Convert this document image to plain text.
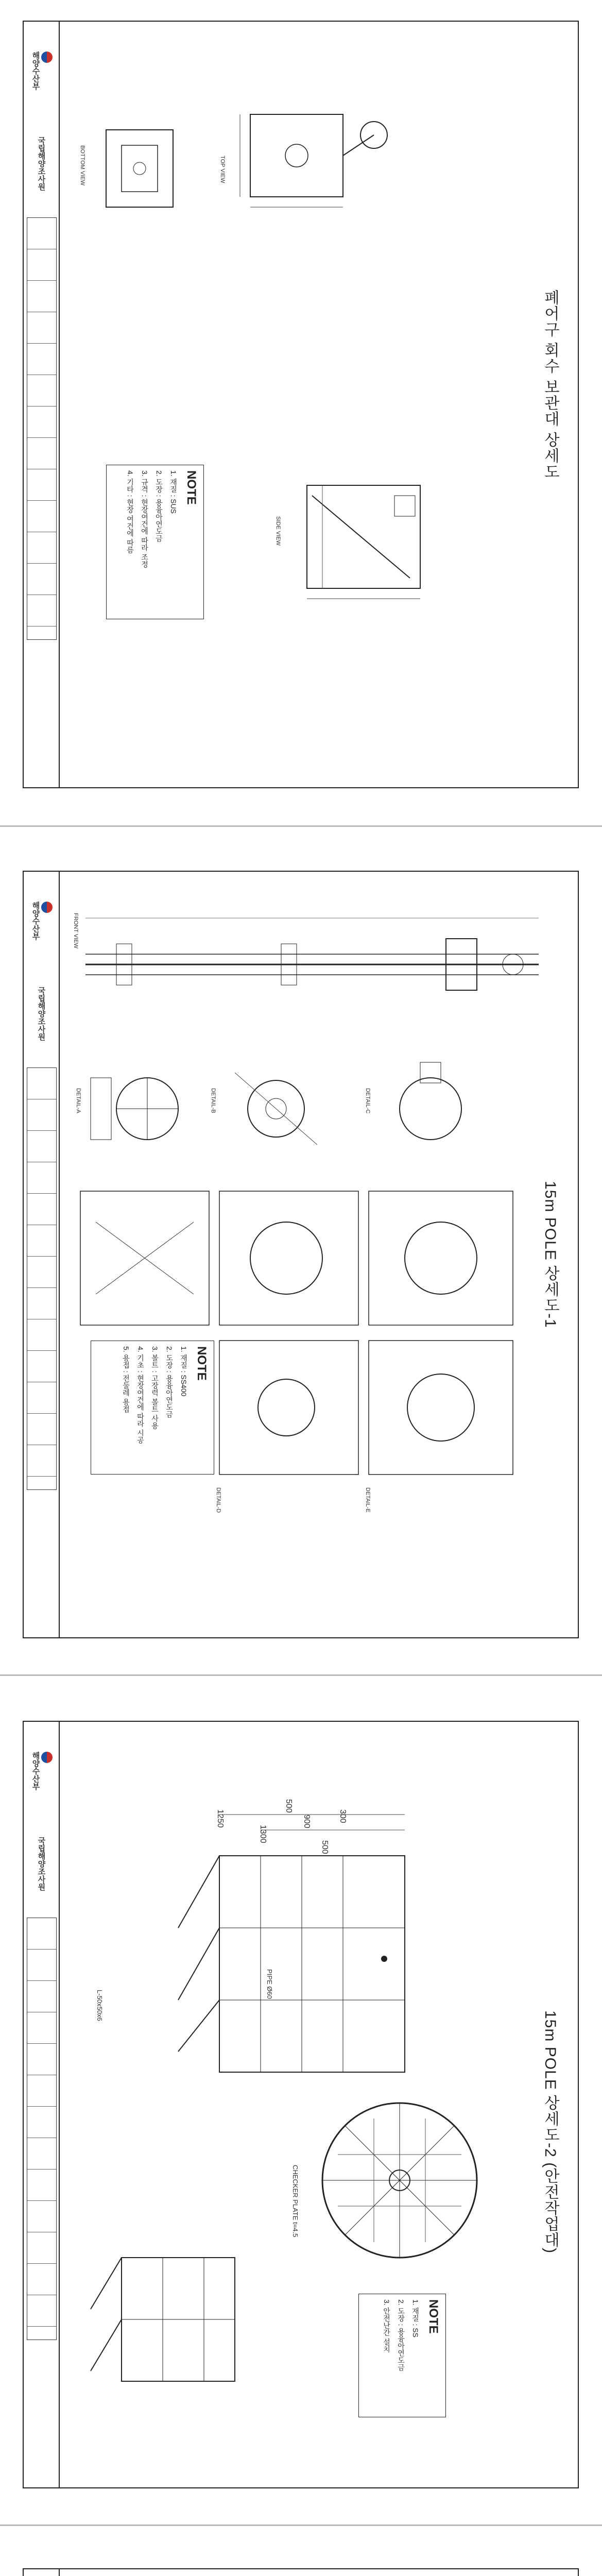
해양수산부
국립해양조사원
폐어구 회수 보관대 상세도
TOP VIEW
BOTTOM VIEW
SIDE VIEW
NOTE
1. 재질 : SUS
2. 도장 : 용융아연도금
3. 규격 : 현장여건에 따라 조정
4. 기타 : 현장 여건에 따름
해양수산부
국립해양조사원
15m POLE 상세도-1
NOTE
1. 재질 : SS400
2. 도장 : 용융아연도금
3. 볼트 : 고장력 볼트 사용
4. 기초 : 현장여건에 따라 시공
5. 용접 : 전둘레 용접
FRONT VIEW
DETAIL-A	DETAIL-B	DETAIL-C
DETAIL-D	DETAIL-E
해양수산부
국립해양조사원
15m POLE 상세도-2 (안전작업대)
1250
1300
500
900
500
300
L-50x50x6
PIPE Ø60
CHECKER PLATE t=4.5
NOTE
1. 재질 : SS
2. 도장 : 용융아연도금
3. 안전난간 설치
